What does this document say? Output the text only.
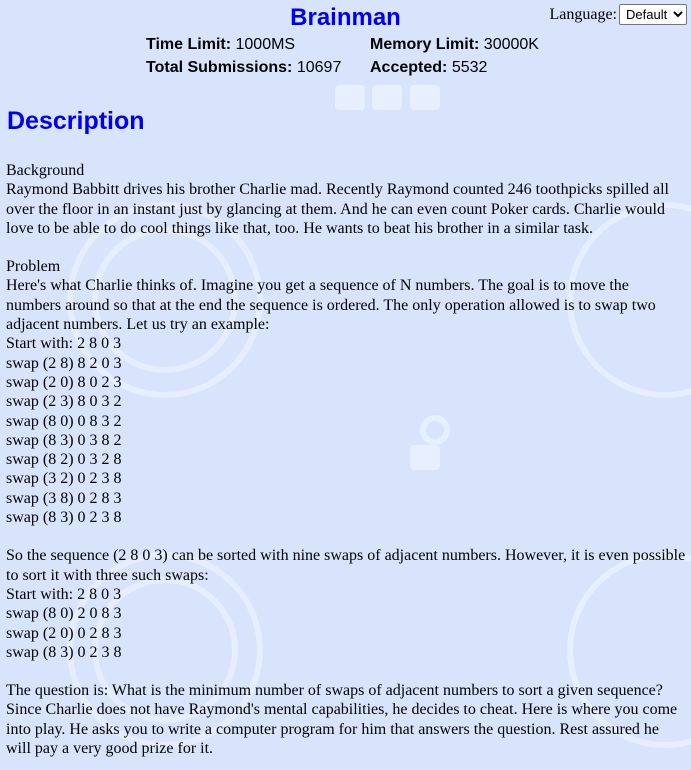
Brainman	Language:
Default
Time Limit: 1000MS	Memory Limit: 30000K
Total Submissions: 10697	Accepted: 5532
Description

Background

Raymond Babbitt drives his brother Charlie mad. Recently Raymond counted 246 toothpicks spilled all over the floor in an instant just by glancing at them. And he can even count Poker cards. Charlie would love to be able to do cool things like that, too. He wants to beat his brother in a similar task.

Problem

Here's what Charlie thinks of. Imagine you get a sequence of N numbers. The goal is to move the numbers around so that at the end the sequence is ordered. The only operation allowed is to swap two adjacent numbers. Let us try an example:

Start with: 2 8 0 3
swap (2 8) 8 2 0 3
swap (2 0) 8 0 2 3
swap (2 3) 8 0 3 2
swap (8 0) 0 8 3 2
swap (8 3) 0 3 8 2
swap (8 2) 0 3 2 8
swap (3 2) 0 2 3 8
swap (3 8) 0 2 8 3
swap (8 3) 0 2 3 8

So the sequence (2 8 0 3) can be sorted with nine swaps of adjacent numbers. However, it is even possible to sort it with three such swaps:

Start with: 2 8 0 3
swap (8 0) 2 0 8 3
swap (2 0) 0 2 8 3
swap (8 3) 0 2 3 8

The question is: What is the minimum number of swaps of adjacent numbers to sort a given sequence?Since Charlie does not have Raymond's mental capabilities, he decides to cheat. Here is where you come into play. He asks you to write a computer program for him that answers the question. Rest assured he will pay a very good prize for it.
